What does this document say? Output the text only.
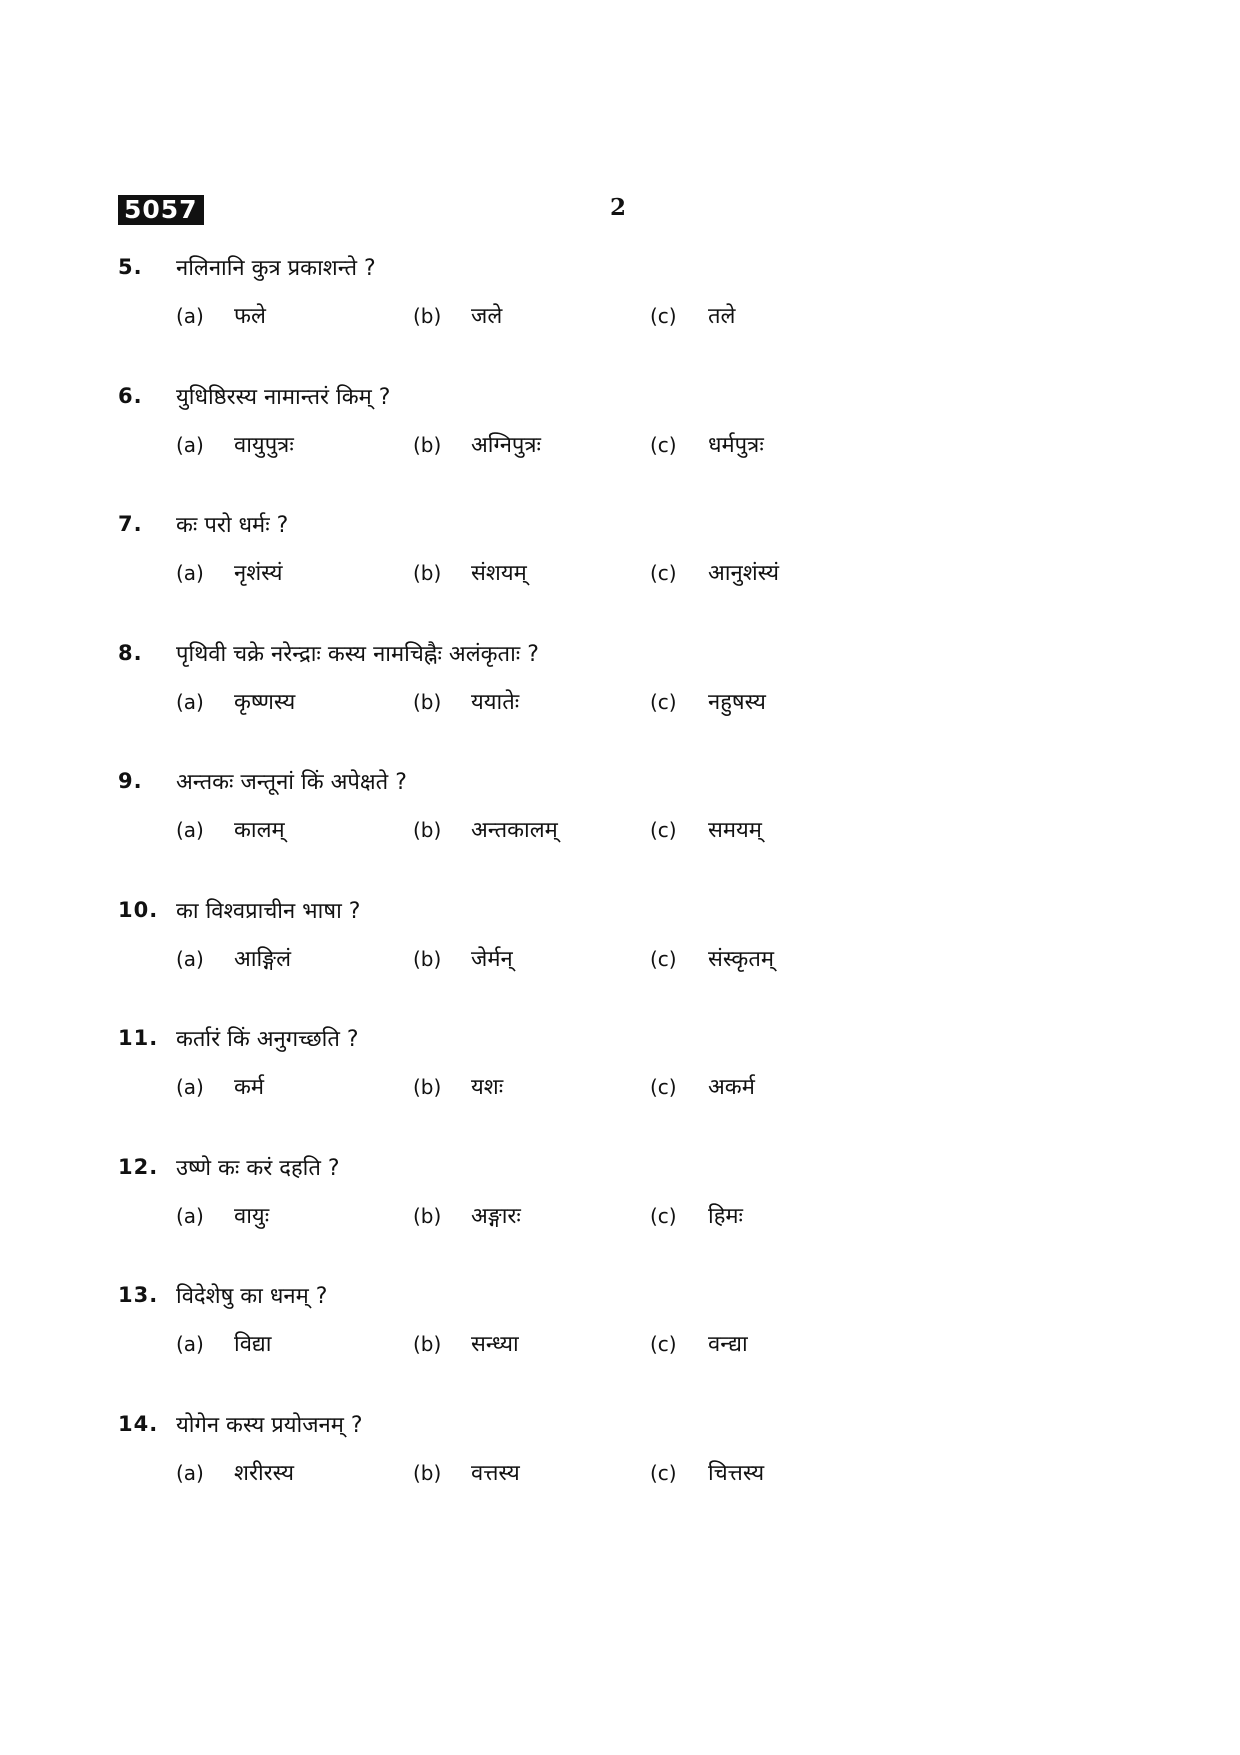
5057	2
5. नलिनानि कुत्र प्रकाशन्ते ?
(a) फले	(b) जले	(c) तले
6. युधिष्ठिरस्य नामान्तरं किम् ?
(a) वायुपुत्रः	(b) अग्निपुत्रः	(c) धर्मपुत्रः
7. कः परो धर्मः ?
(a) नृशंस्यं	(b) संशयम्	(c) आनुशंस्यं
8. पृथिवी चक्रे नरेन्द्राः कस्य नामचिह्नैः अलंकृताः ?
(a) कृष्णस्य	(b) ययातेः	(c) नहुषस्य
9. अन्तकः जन्तूनां किं अपेक्षते ?
(a) कालम्	(b) अन्तकालम्	(c) समयम्
10. का विश्वप्राचीन भाषा ?
(a) आङ्गिलं	(b) जेर्मन्	(c) संस्कृतम्
11. कर्तारं किं अनुगच्छति ?
(a) कर्म	(b) यशः	(c) अकर्म
12. उष्णे कः करं दहति ?
(a) वायुः	(b) अङ्गारः	(c) हिमः
13. विदेशेषु का धनम् ?
(a) विद्या	(b) सन्ध्या	(c) वन्द्या
14. योगेन कस्य प्रयोजनम् ?
(a) शरीरस्य	(b) वत्तस्य	(c) चित्तस्य
